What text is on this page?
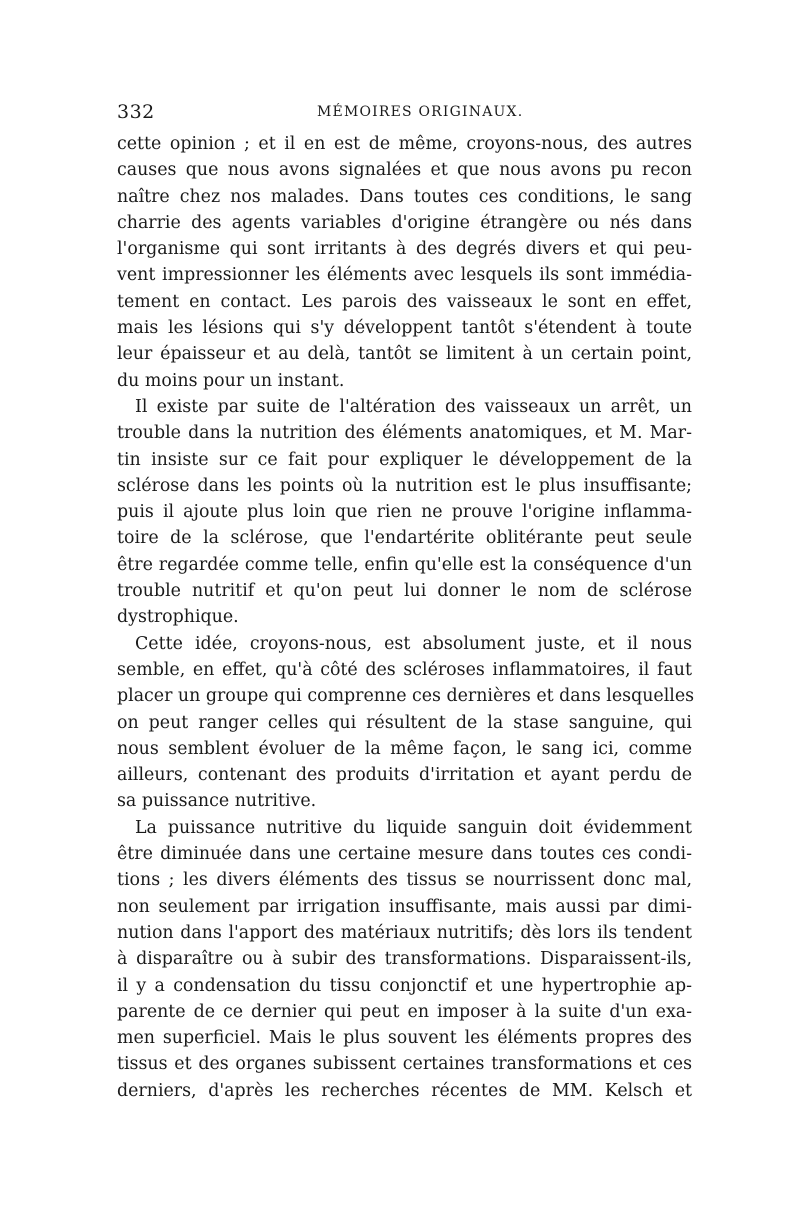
332	MÉMOIRES ORIGINAUX.
cette opinion ; et il en est de même, croyons-nous, des autres
causes que nous avons signalées et que nous avons pu recon
naître chez nos malades. Dans toutes ces conditions, le sang
charrie des agents variables d'origine étrangère ou nés dans
l'organisme qui sont irritants à des degrés divers et qui peu-
vent impressionner les éléments avec lesquels ils sont immédia-
tement en contact. Les parois des vaisseaux le sont en effet,
mais les lésions qui s'y développent tantôt s'étendent à toute
leur épaisseur et au delà, tantôt se limitent à un certain point,
du moins pour un instant.
Il existe par suite de l'altération des vaisseaux un arrêt, un
trouble dans la nutrition des éléments anatomiques, et M. Mar-
tin insiste sur ce fait pour expliquer le développement de la
sclérose dans les points où la nutrition est le plus insuffisante;
puis il ajoute plus loin que rien ne prouve l'origine inflamma-
toire de la sclérose, que l'endartérite oblitérante peut seule
être regardée comme telle, enfin qu'elle est la conséquence d'un
trouble nutritif et qu'on peut lui donner le nom de sclérose
dystrophique.
Cette idée, croyons-nous, est absolument juste, et il nous
semble, en effet, qu'à côté des scléroses inflammatoires, il faut
placer un groupe qui comprenne ces dernières et dans lesquelles
on peut ranger celles qui résultent de la stase sanguine, qui
nous semblent évoluer de la même façon, le sang ici, comme
ailleurs, contenant des produits d'irritation et ayant perdu de
sa puissance nutritive.
La puissance nutritive du liquide sanguin doit évidemment
être diminuée dans une certaine mesure dans toutes ces condi-
tions ; les divers éléments des tissus se nourrissent donc mal,
non seulement par irrigation insuffisante, mais aussi par dimi-
nution dans l'apport des matériaux nutritifs; dès lors ils tendent
à disparaître ou à subir des transformations. Disparaissent-ils,
il y a condensation du tissu conjonctif et une hypertrophie ap-
parente de ce dernier qui peut en imposer à la suite d'un exa-
men superficiel. Mais le plus souvent les éléments propres des
tissus et des organes subissent certaines transformations et ces
derniers, d'après les recherches récentes de MM. Kelsch et
